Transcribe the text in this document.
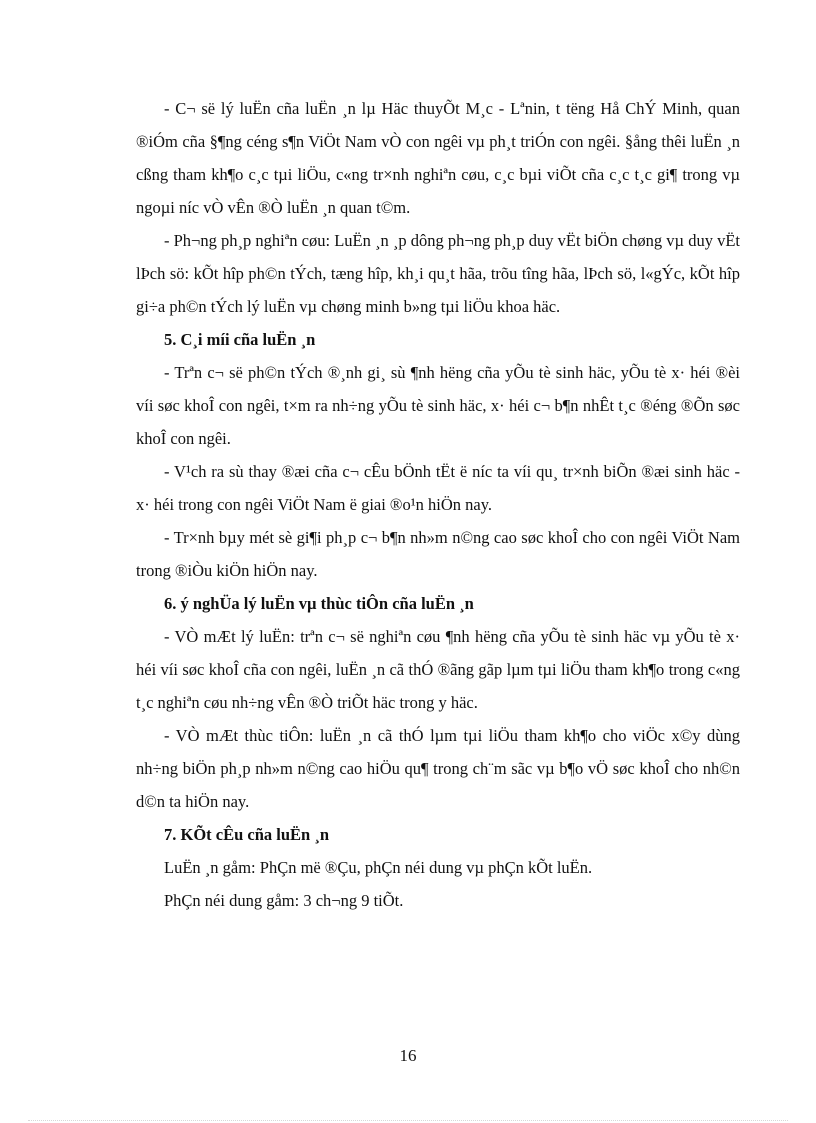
- C¬ së lý luËn cña luËn ¸n lµ Häc thuyÕt M¸c - Lªnin, t tëng Hå ChÝ Minh, quan ®iÓm cña §¶ng céng s¶n ViÖt Nam vÒ con ngêi vµ ph¸t triÓn con ngêi. §ång thêi luËn ¸n cßng tham kh¶o c¸c tµi liÖu, c«ng tr×nh nghiªn cøu, c¸c bµi viÕt cña c¸c t¸c gi¶ trong vµ ngoµi níc vÒ vÊn ®Ò luËn ¸n quan t©m.

- Ph¬ng ph¸p nghiªn cøu: LuËn ¸n ¸p dông ph¬ng ph¸p duy vËt biÖn chøng vµ duy vËt lÞch sö: kÕt hîp ph©n tÝch, tæng hîp, kh¸i qu¸t hãa, trõu tîng hãa, lÞch sö, l«gÝc, kÕt hîp gi÷a ph©n tÝch lý luËn vµ chøng minh b»ng tµi liÖu khoa häc.

5. C¸i míi cña luËn ¸n

- Trªn c¬ së ph©n tÝch ®¸nh gi¸ sù ¶nh hëng cña yÕu tè sinh häc, yÕu tè x· héi ®èi víi søc khoÎ con ngêi, t×m ra nh÷ng yÕu tè sinh häc, x· héi c¬ b¶n nhÊt t¸c ®éng ®Õn søc khoÎ con ngêi.

- V¹ch ra sù thay ®æi cña c¬ cÊu bÖnh tËt ë níc ta víi qu¸ tr×nh biÕn ®æi sinh häc - x· héi trong con ngêi ViÖt Nam ë giai ®o¹n hiÖn nay.

- Tr×nh bµy mét sè gi¶i ph¸p c¬ b¶n nh»m n©ng cao søc khoÎ cho con ngêi ViÖt Nam trong ®iÒu kiÖn hiÖn nay.

6. ý nghÜa lý luËn vµ thùc tiÔn cña luËn ¸n

- VÒ mÆt lý luËn: trªn c¬ së nghiªn cøu ¶nh hëng cña yÕu tè sinh häc vµ yÕu tè x· héi víi søc khoÎ cña con ngêi, luËn ¸n cã thÓ ®ãng gãp lµm tµi liÖu tham kh¶o trong c«ng t¸c nghiªn cøu nh÷ng vÊn ®Ò triÕt häc trong y häc.

- VÒ mÆt thùc tiÔn: luËn ¸n cã thÓ lµm tµi liÖu tham kh¶o cho viÖc x©y dùng nh÷ng biÖn ph¸p nh»m n©ng cao hiÖu qu¶ trong ch¨m sãc vµ b¶o vÖ søc khoÎ cho nh©n d©n ta hiÖn nay.

7. KÕt cÊu cña luËn ¸n

LuËn ¸n gåm: PhÇn më ®Çu, phÇn néi dung vµ phÇn kÕt luËn.

PhÇn néi dung gåm: 3 ch¬ng 9 tiÕt.

16
